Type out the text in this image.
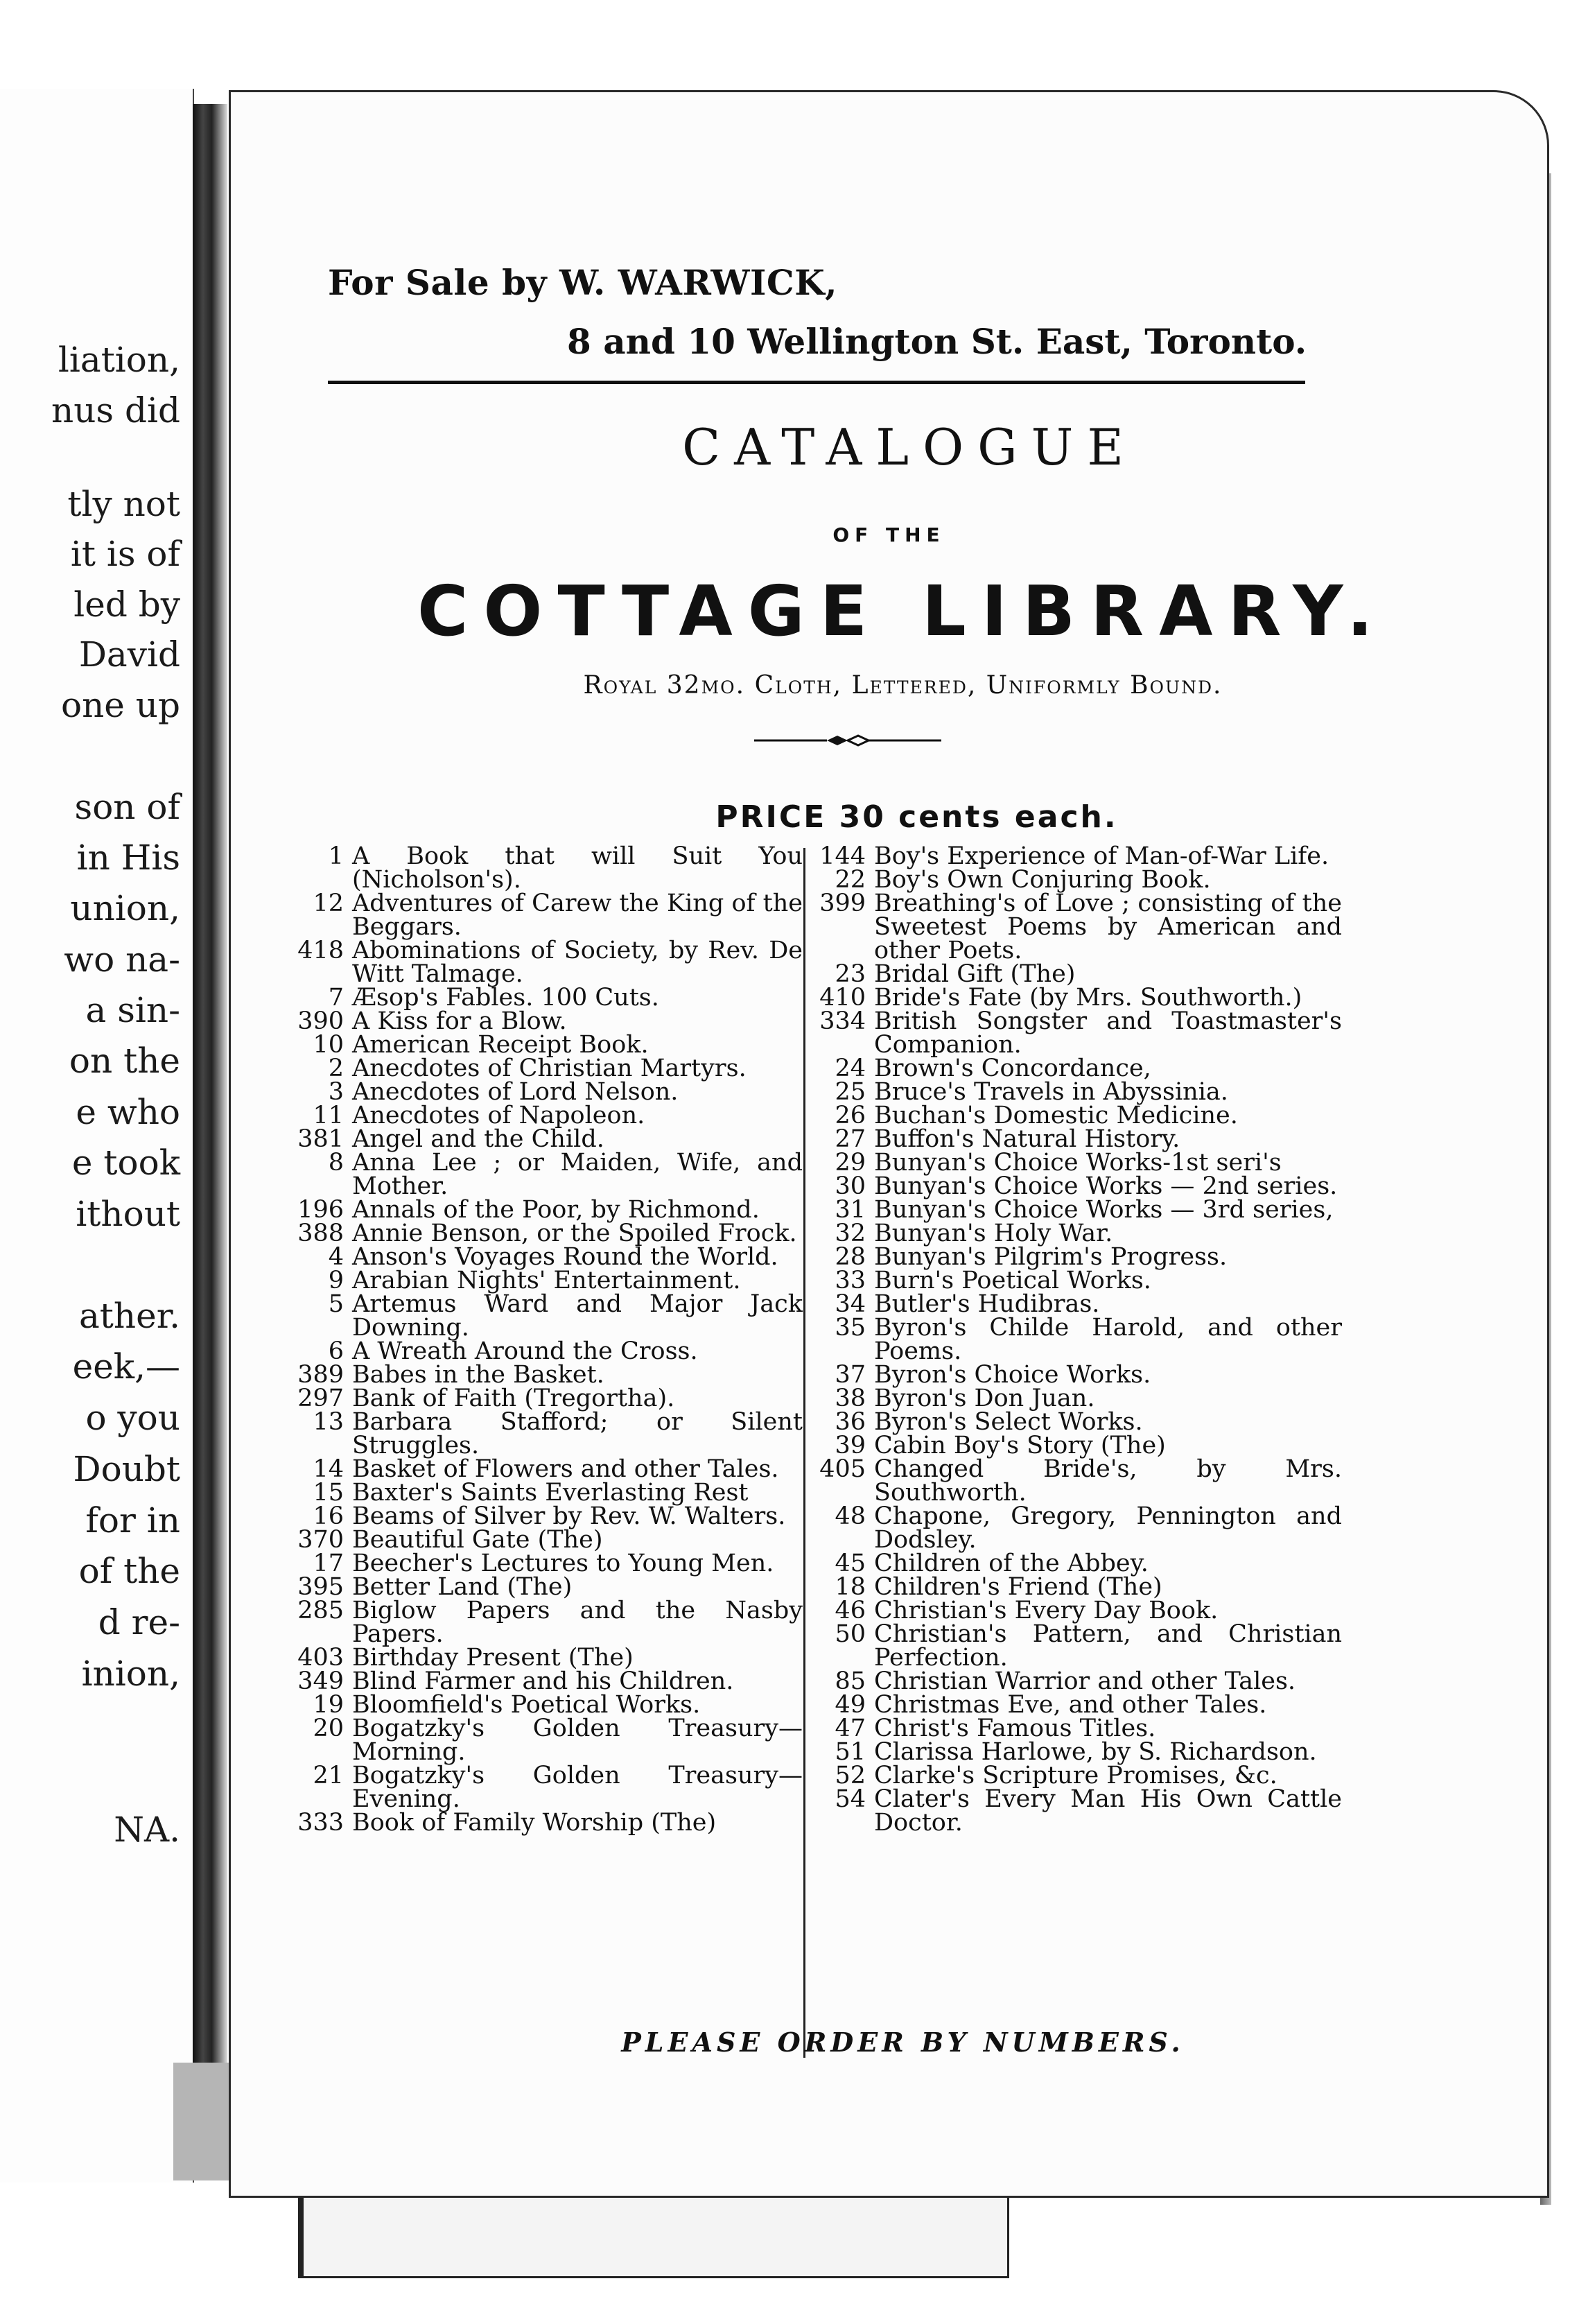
liation,
nus did
tly not
it is of
led by
David
one up
son of
in His
union,
wo na-
a sin-
on the
e who
e took
ithout
ather.
eek,—
o you
Doubt
for in
of the
d re-
inion,
NA.
For Sale by W. WARWICK,
8 and 10 Wellington St. East, Toronto.
CATALOGUE
OF THE
COTTAGE LIBRARY.
Royal 32mo. Cloth, Lettered, Uniformly Bound.
PRICE 30 cents each.
1 A Book that will Suit You (Nicholson's).
12 Adventures of Carew the King of the Beggars.
418 Abominations of Society, by Rev. De Witt Talmage.
7 Æsop's Fables. 100 Cuts.
390 A Kiss for a Blow.
10 American Receipt Book.
2 Anecdotes of Christian Martyrs.
3 Anecdotes of Lord Nelson.
11 Anecdotes of Napoleon.
381 Angel and the Child.
8 Anna Lee ; or Maiden, Wife, and Mother.
196 Annals of the Poor, by Richmond.
388 Annie Benson, or the Spoiled Frock.
4 Anson's Voyages Round the World.
9 Arabian Nights' Entertainment.
5 Artemus Ward and Major Jack Downing.
6 A Wreath Around the Cross.
389 Babes in the Basket.
297 Bank of Faith (Tregortha).
13 Barbara Stafford; or Silent Struggles.
14 Basket of Flowers and other Tales.
15 Baxter's Saints Everlasting Rest
16 Beams of Silver by Rev. W. Walters.
370 Beautiful Gate (The)
17 Beecher's Lectures to Young Men.
395 Better Land (The)
285 Biglow Papers and the Nasby Papers.
403 Birthday Present (The)
349 Blind Farmer and his Children.
19 Bloomfield's Poetical Works.
20 Bogatzky's Golden Treasury—Morning.
21 Bogatzky's Golden Treasury—Evening.
333 Book of Family Worship (The)
144 Boy's Experience of Man-of-War Life.
22 Boy's Own Conjuring Book.
399 Breathing's of Love ; consisting of the Sweetest Poems by American and other Poets.
23 Bridal Gift (The)
410 Bride's Fate (by Mrs. Southworth.)
334 British Songster and Toastmaster's Companion.
24 Brown's Concordance,
25 Bruce's Travels in Abyssinia.
26 Buchan's Domestic Medicine.
27 Buffon's Natural History.
29 Bunyan's Choice Works-1st seri's
30 Bunyan's Choice Works — 2nd series.
31 Bunyan's Choice Works — 3rd series,
32 Bunyan's Holy War.
28 Bunyan's Pilgrim's Progress.
33 Burn's Poetical Works.
34 Butler's Hudibras.
35 Byron's Childe Harold, and other Poems.
37 Byron's Choice Works.
38 Byron's Don Juan.
36 Byron's Select Works.
39 Cabin Boy's Story (The)
405 Changed Bride's, by Mrs. Southworth.
48 Chapone, Gregory, Pennington and Dodsley.
45 Children of the Abbey.
18 Children's Friend (The)
46 Christian's Every Day Book.
50 Christian's Pattern, and Christian Perfection.
85 Christian Warrior and other Tales.
49 Christmas Eve, and other Tales.
47 Christ's Famous Titles.
51 Clarissa Harlowe, by S. Richardson.
52 Clarke's Scripture Promises, &c.
54 Clater's Every Man His Own Cattle Doctor.
PLEASE ORDER BY NUMBERS.
